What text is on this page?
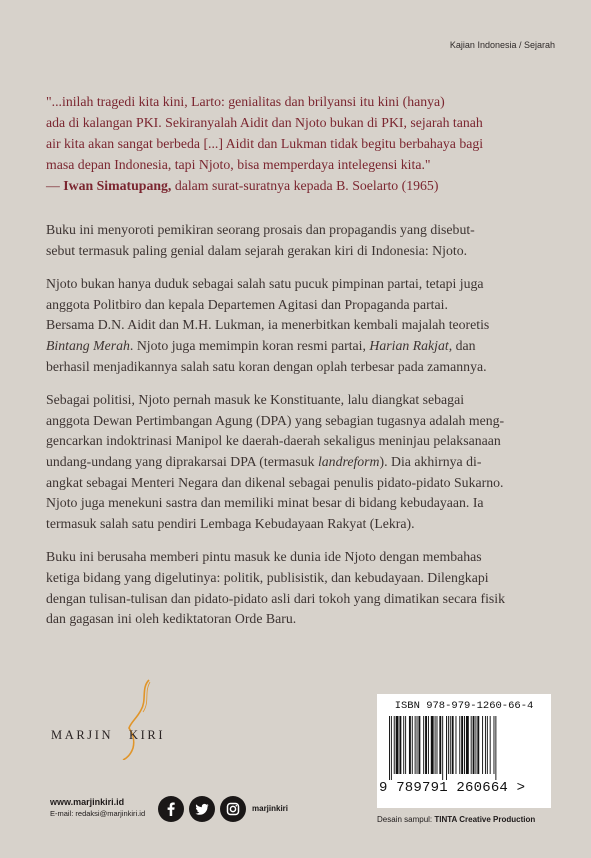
Kajian Indonesia / Sejarah

"...inilah tragedi kita kini, Larto: genialitas dan brilyansi itu kini (hanya)
ada di kalangan PKI. Sekiranyalah Aidit dan Njoto bukan di PKI, sejarah tanah
air kita akan sangat berbeda [...] Aidit dan Lukman tidak begitu berbahaya bagi
masa depan Indonesia, tapi Njoto, bisa memperdaya intelegensi kita."

— Iwan Simatupang, dalam surat-suratnya kepada B. Soelarto (1965)

Buku ini menyoroti pemikiran seorang prosais dan propagandis yang disebut-
sebut termasuk paling genial dalam sejarah gerakan kiri di Indonesia: Njoto.

Njoto bukan hanya duduk sebagai salah satu pucuk pimpinan partai, tetapi juga
anggota Politbiro dan kepala Departemen Agitasi dan Propaganda partai.
Bersama D.N. Aidit dan M.H. Lukman, ia menerbitkan kembali majalah teoretis
Bintang Merah. Njoto juga memimpin koran resmi partai, Harian Rakjat, dan
berhasil menjadikannya salah satu koran dengan oplah terbesar pada zamannya.

Sebagai politisi, Njoto pernah masuk ke Konstituante, lalu diangkat sebagai
anggota Dewan Pertimbangan Agung (DPA) yang sebagian tugasnya adalah meng-
gencarkan indoktrinasi Manipol ke daerah-daerah sekaligus meninjau pelaksanaan
undang-undang yang diprakarsai DPA (termasuk landreform). Dia akhirnya di-
angkat sebagai Menteri Negara dan dikenal sebagai penulis pidato-pidato Sukarno.
Njoto juga menekuni sastra dan memiliki minat besar di bidang kebudayaan. Ia
termasuk salah satu pendiri Lembaga Kebudayaan Rakyat (Lekra).

Buku ini berusaha memberi pintu masuk ke dunia ide Njoto dengan membahas
ketiga bidang yang digelutinya: politik, publisistik, dan kebudayaan. Dilengkapi
dengan tulisan-tulisan dan pidato-pidato asli dari tokoh yang dimatikan secara fisik
dan gagasan ini oleh kediktatoran Orde Baru.

MARJIN KIRI
www.marjinkiri.id
E-mail: redaksi@marjinkiri.id
marjinkiri
ISBN 978-979-1260-66-4
9 789791 260664 >
Desain sampul: TINTA Creative Production
